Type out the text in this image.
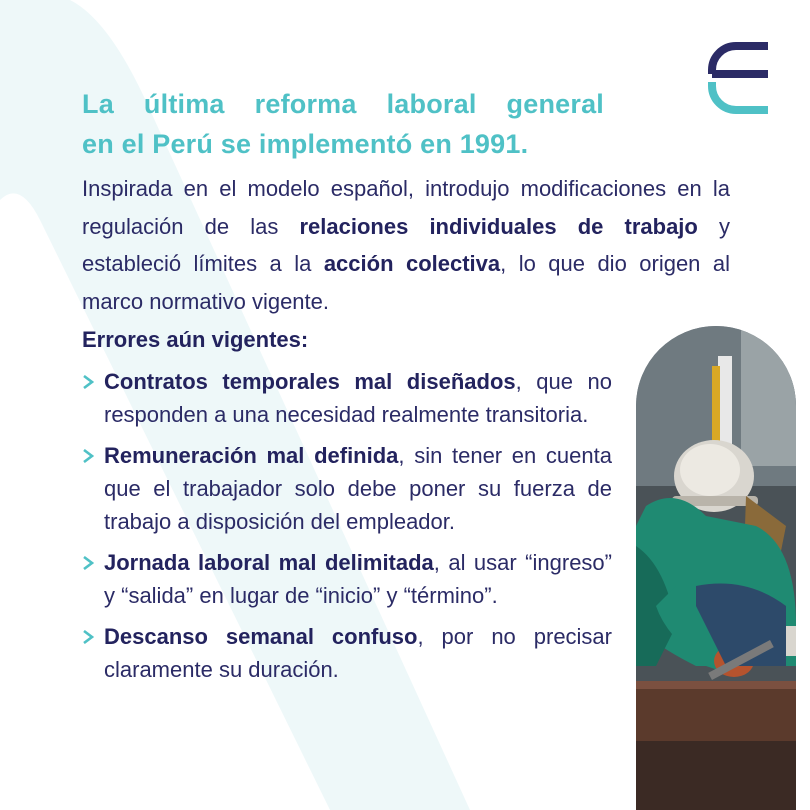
La última reforma laboral general
en el Perú se implementó en 1991.

Inspirada en el modelo español, introdujo modificaciones en la regulación de las relaciones individuales de trabajo y estableció límites a la acción colectiva, lo que dio origen al marco normativo vigente.

Errores aún vigentes:
Contratos temporales mal diseñados, que no responden a una necesidad realmente transitoria.
Remuneración mal definida, sin tener en cuenta que el trabajador solo debe poner su fuerza de trabajo a disposición del empleador.
Jornada laboral mal delimitada, al usar “ingreso” y “salida” en lugar de “inicio” y “término”.
Descanso semanal confuso, por no precisar claramente su duración.
